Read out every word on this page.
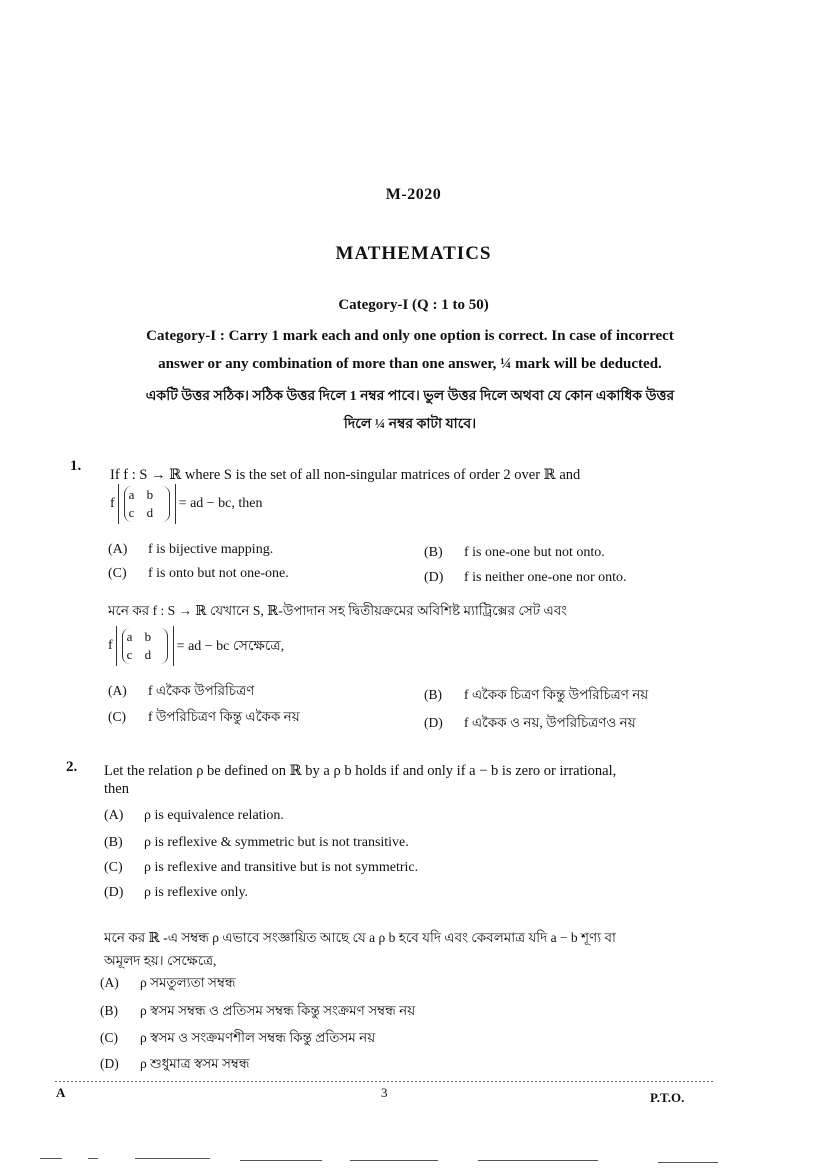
M-2020
MATHEMATICS
Category-I (Q : 1 to 50)
Category-I : Carry 1 mark each and only one option is correct. In case of incorrect
answer or any combination of more than one answer, ¼ mark will be deducted.
একটি উত্তর সঠিক। সঠিক উত্তর দিলে 1 নম্বর পাবে। ভুল উত্তর দিলে অথবা যে কোন একাধিক উত্তর
দিলে ¼ নম্বর কাটা যাবে।
1.
If f : S → ℝ where S is the set of all non-singular matrices of order 2 over ℝ and
f
a b
c d
= ad − bc, then
(A) f is bijective mapping.	(B) f is one-one but not onto.
(C) f is onto but not one-one.	(D) f is neither one-one nor onto.
মনে কর f : S → ℝ যেখানে S, ℝ-উপাদান সহ দ্বিতীয়ক্রমের অবিশিষ্ট ম্যাট্রিক্সের সেট এবং
f
a b
c d
= ad − bc সেক্ষেত্রে,
(A) f একৈক উপরিচিত্রণ	(B) f একৈক চিত্রণ কিন্তু উপরিচিত্রণ নয়
(C) f উপরিচিত্রণ কিন্তু একৈক নয়	(D) f একৈক ও নয়, উপরিচিত্রণও নয়
2. Let the relation ρ be defined on ℝ by a ρ b holds if and only if a − b is zero or irrational,
then
(A) ρ is equivalence relation.
(B) ρ is reflexive & symmetric but is not transitive.
(C) ρ is reflexive and transitive but is not symmetric.
(D) ρ is reflexive only.
মনে কর ℝ -এ সম্বন্ধ ρ এভাবে সংজ্ঞায়িত আছে যে a ρ b হবে যদি এবং কেবলমাত্র যদি a − b শূণ্য বা
অমূলদ হয়। সেক্ষেত্রে,
(A) ρ সমতুল্যতা সম্বন্ধ
(B) ρ স্বসম সম্বন্ধ ও প্রতিসম সম্বন্ধ কিন্তু সংক্রমণ সম্বন্ধ নয়
(C) ρ স্বসম ও সংক্রমণশীল সম্বন্ধ কিন্তু প্রতিসম নয়
(D) ρ শুধুমাত্র স্বসম সম্বন্ধ
A	3	P.T.O.
